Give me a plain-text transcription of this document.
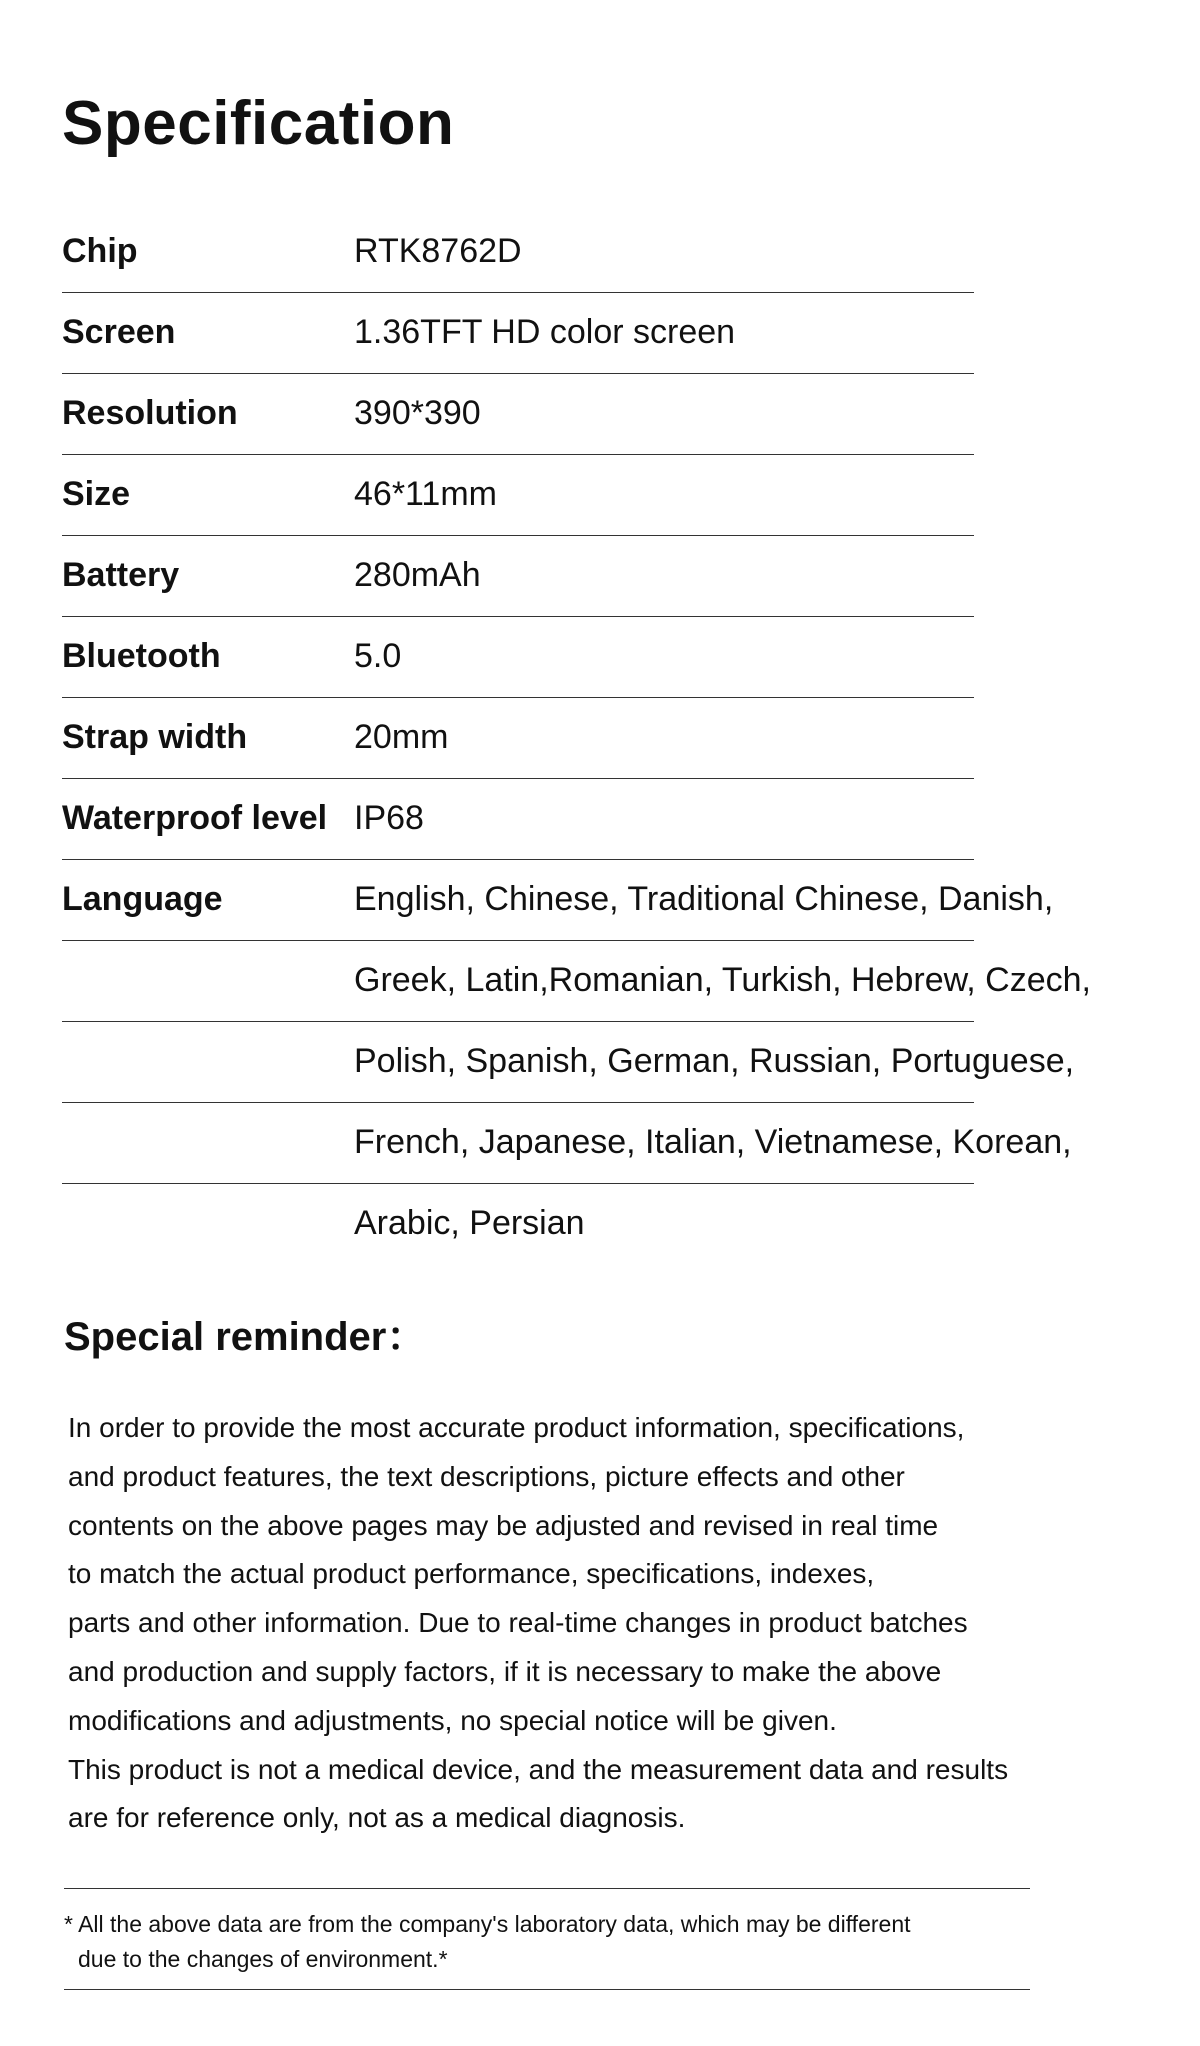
Specification
Chip	RTK8762D
Screen	1.36TFT HD color screen
Resolution	390*390
Size	46*11mm
Battery	280mAh
Bluetooth	5.0
Strap width	20mm
Waterproof level IP68
Language	English, Chinese, Traditional Chinese, Danish,
Greek, Latin,Romanian, Turkish, Hebrew, Czech,
Polish, Spanish, German, Russian, Portuguese,
French, Japanese, Italian, Vietnamese, Korean,
Arabic, Persian
Special reminder：
In order to provide the most accurate product information, specifications,
and product features, the text descriptions, picture effects and other
contents on the above pages may be adjusted and revised in real time
to match the actual product performance, specifications, indexes,
parts and other information. Due to real-time changes in product batches
and production and supply factors, if it is necessary to make the above
modifications and adjustments, no special notice will be given.
This product is not a medical device, and the measurement data and results
are for reference only, not as a medical diagnosis.
* All the above data are from the company's laboratory data, which may be different
due to the changes of environment.*
